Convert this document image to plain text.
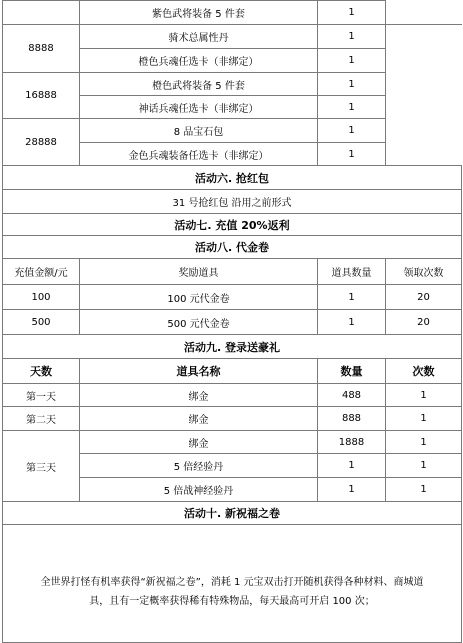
	紫色武将装备 5 件套	1	
8888	骑术总属性丹	1	
	橙色兵魂任选卡（非绑定）	1	
16888	橙色武将装备 5 件套	1	
	神话兵魂任选卡（非绑定）	1	
28888	8 品宝石包	1	
	金色兵魂装备任选卡（非绑定）	1	
活动六. 抢红包			
31 号抢红包 沿用之前形式			
活动七. 充值 20%返利			
活动八. 代金卷			
充值金额/元	奖励道具	道具数量	领取次数
100	100 元代金卷	1	20
500	500 元代金卷	1	20
活动九. 登录送豪礼			
天数	道具名称	数量	次数
第一天	绑金	488	1
第二天	绑金	888	1
第三天	绑金	1888	1
	5 倍经验丹	1	1
	5 倍战神经验丹	1	1
活动十. 新祝福之卷			
全世界打怪有机率获得“新祝福之卷”，消耗 1 元宝双击打开随机获得各种材料、商城道具，且有一定概率获得稀有特殊物品，每天最高可开启 100 次；			
